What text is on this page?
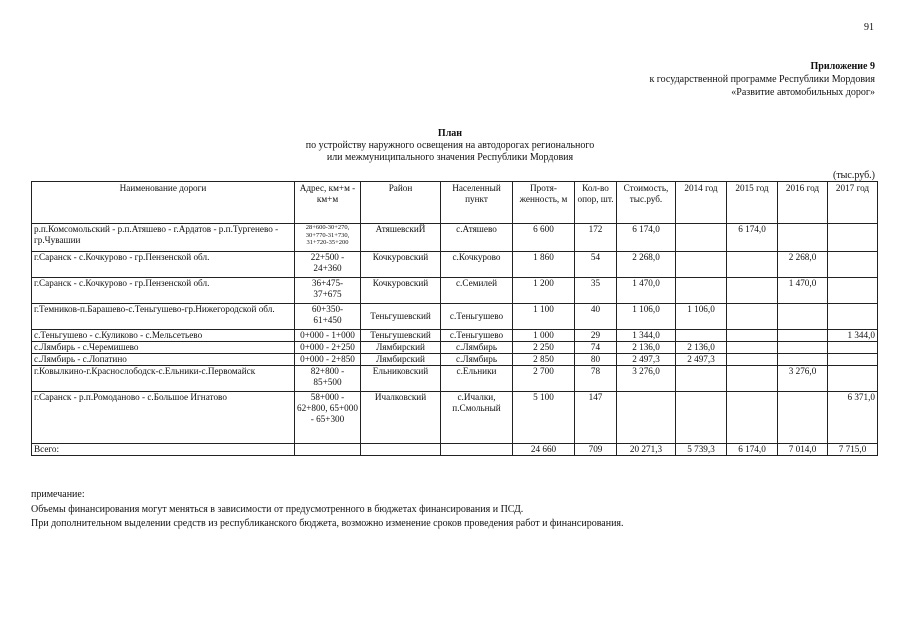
91
Приложение 9
к государственной программе Республики Мордовия
«Развитие автомобильных дорог»
План
по устройству наружного освещения на автодорогах регионального
или межмуниципального значения Республики Мордовия
(тыс.руб.)
Наименование дороги	Адрес, км+м - км+м	Район	Населенный пункт	Протя-женность, м	Кол-во опор, шт.	Стоимость, тыс.руб.	2014 год	2015 год	2016 год	2017 год
р.п.Комсомольский - р.п.Атяшево - г.Ардатов - р.п.Тургенево - гр.Чувашии	28+600-30+270, 30+770-31+730, 31+720-35+200	АтяшевскиЙ	с.Атяшево	6 600	172	6 174,0		6 174,0		
г.Саранск - с.Кочкурово - гр.Пензенской обл.	22+500 - 24+360	Кочкуровский	с.Кочкурово	1 860	54	2 268,0			2 268,0	
г.Саранск - с.Кочкурово - гр.Пензенской обл.	36+475- 37+675	Кочкуровский	с.Семилей	1 200	35	1 470,0			1 470,0	
г.Темников-п.Барашево-с.Теньгушево-гр.Нижегородской обл.	60+350- 61+450	Теньгушевский	с.Теньгушево	1 100	40	1 106,0	1 106,0			
с.Теньгушево - с.Куликово - с.Мельсетьево	0+000 - 1+000	Теньгушевский	с.Теньгушево	1 000	29	1 344,0				1 344,0
с.Лямбирь - с.Черемишево	0+000 - 2+250	Лямбирский	с.Лямбирь	2 250	74	2 136,0	2 136,0			
с.Лямбирь - с.Лопатино	0+000 - 2+850	Лямбирский	с.Лямбирь	2 850	80	2 497,3	2 497,3			
г.Ковылкино-г.Краснослободск-с.Ельники-с.Первомайск	82+800 - 85+500	Ельниковский	с.Ельники	2 700	78	3 276,0			3 276,0	
г.Саранск - р.п.Ромоданово - с.Большое Игнатово	58+000 - 62+800, 65+000 - 65+300	Ичалковский	с.Ичалки, п.Смольный	5 100	147					6 371,0
Всего:				24 660	709	20 271,3	5 739,3	6 174,0	7 014,0	7 715,0
примечание:
Объемы финансирования могут меняться в зависимости от предусмотренного в бюджетах финансирования и ПСД.
При дополнительном выделении средств из республиканского бюджета, возможно изменение сроков проведения работ и финансирования.
